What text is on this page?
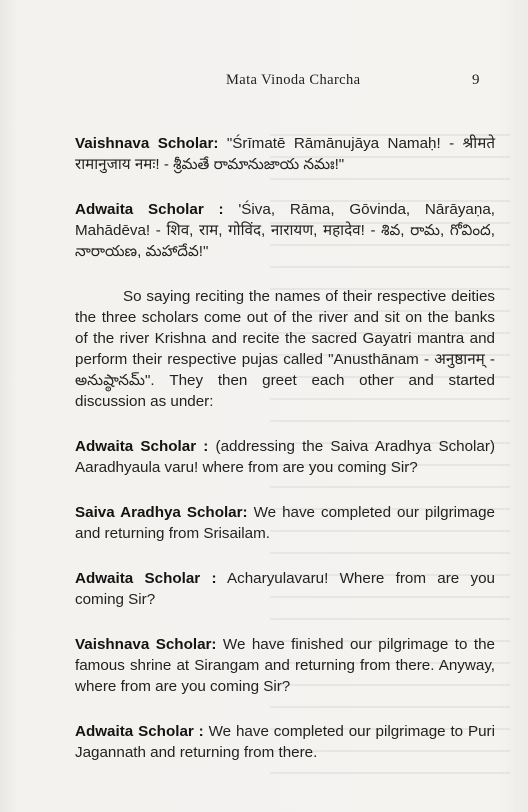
Mata Vinoda Charcha	9

Vaishnava Scholar: "Śrīmatē Rāmānujāya Namaḥ! - श्रीमते रामानुजाय नमः! - శ్రీమతే రామానుజాయ నమః!"

Adwaita Scholar : 'Śiva, Rāma, Gōvinda, Nārāyaṇa, Mahādēva! - शिव, राम, गोविंद, नारायण, महादेव! - శివ, రామ, గోవింద, నారాయణ, మహాదేవ!"

So saying reciting the names of their respective deities the three scholars come out of the river and sit on the banks of the river Krishna and recite the sacred Gayatri mantra and perform their respective pujas called "Anusthānam - अनुष्ठानम् - అనుష్ఠానమ్". They then greet each other and started discussion as under:

Adwaita Scholar : (addressing the Saiva Aradhya Scholar) Aaradhyaula varu! where from are you coming Sir?

Saiva Aradhya Scholar: We have completed our pilgrimage and returning from Srisailam.

Adwaita Scholar : Acharyulavaru! Where from are you coming Sir?

Vaishnava Scholar: We have finished our pilgrimage to the famous shrine at Sirangam and returning from there. Anyway, where from are you coming Sir?

Adwaita Scholar : We have completed our pilgrimage to Puri Jagannath and returning from there.
